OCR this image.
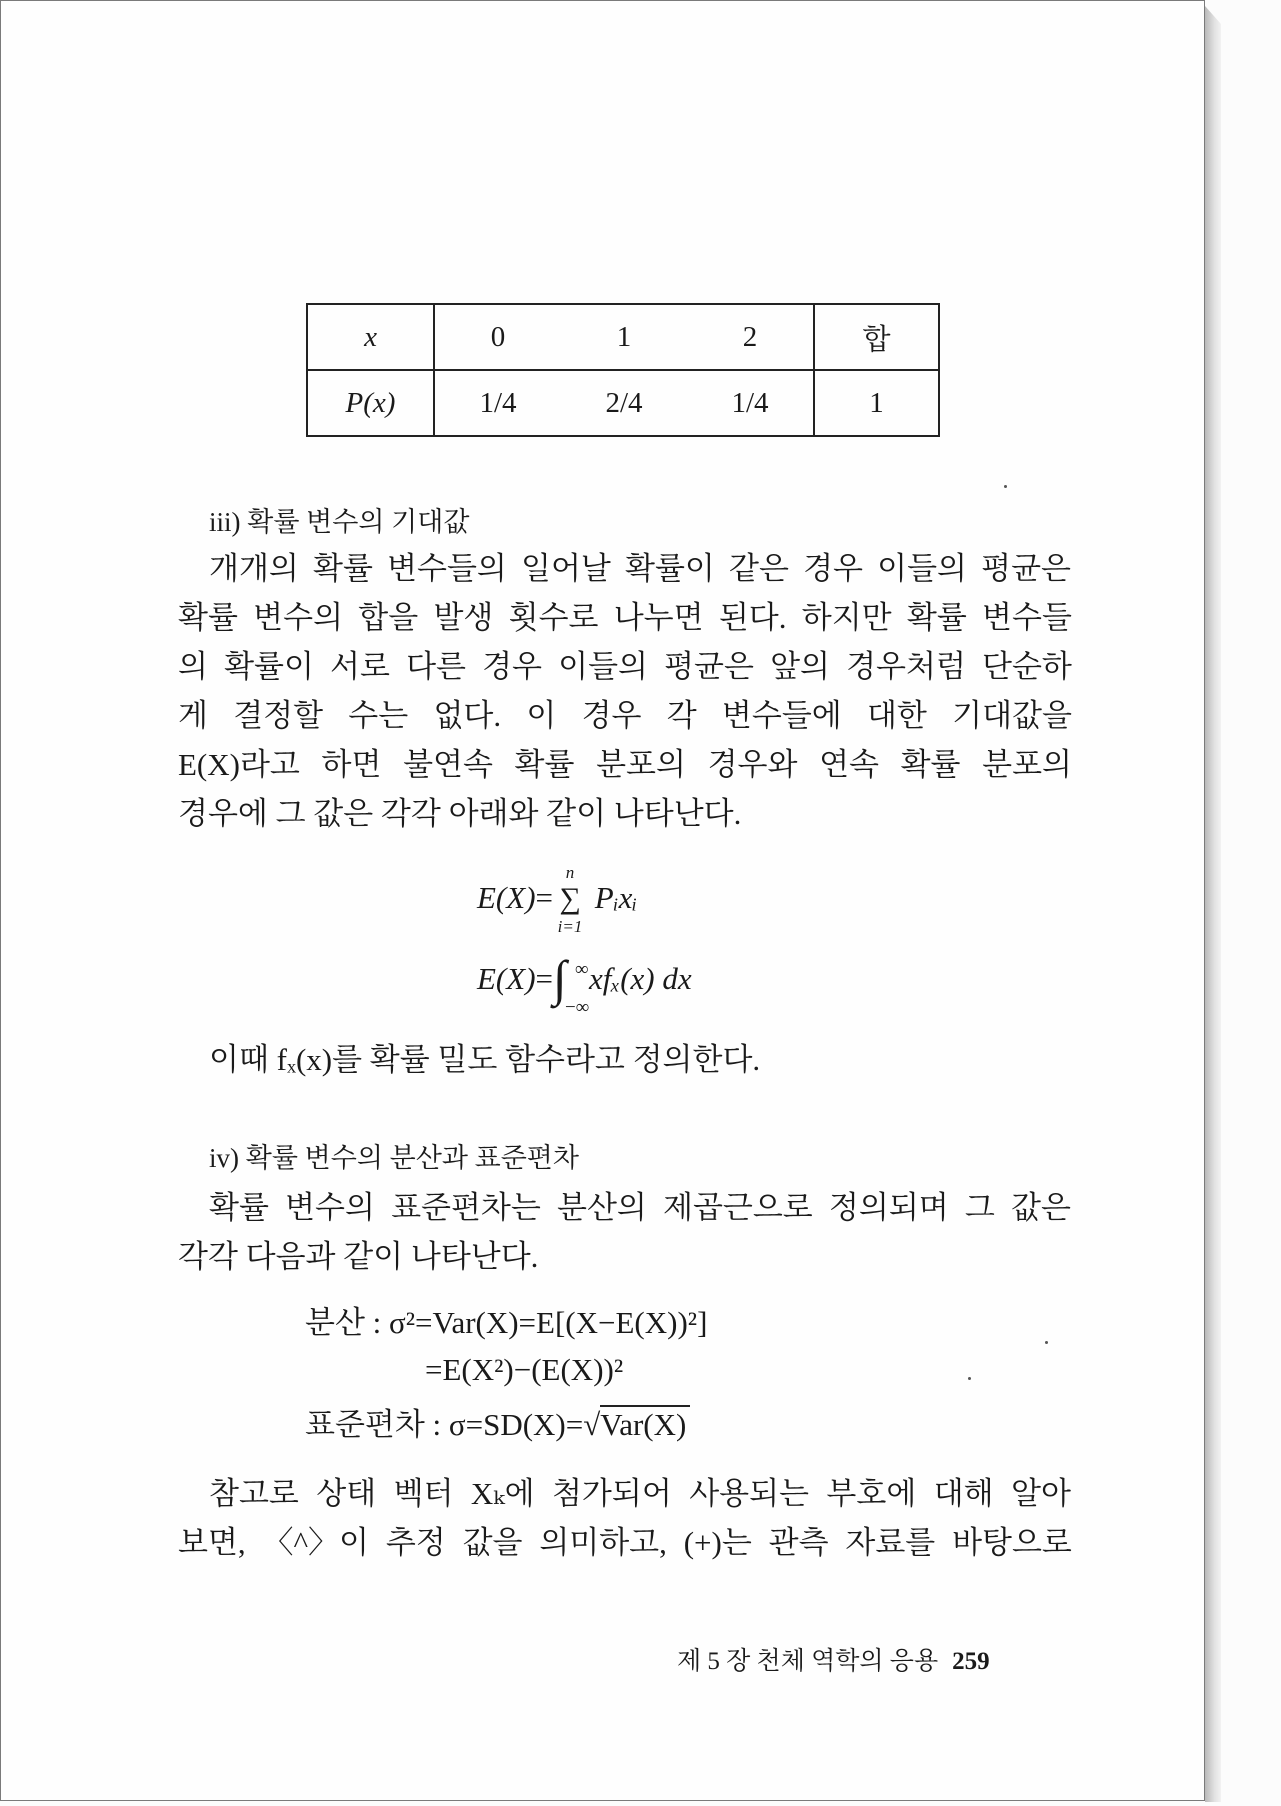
x	0	1	2	합
P(x)	1/4	2/4	1/4	1
iii) 확률 변수의 기대값
개개의 확률 변수들의 일어날 확률이 같은 경우 이들의 평균은
확률 변수의 합을 발생 횟수로 나누면 된다. 하지만 확률 변수들
의 확률이 서로 다른 경우 이들의 평균은 앞의 경우처럼 단순하
게 결정할 수는 없다. 이 경우 각 변수들에 대한 기대값을
E(X)라고 하면 불연속 확률 분포의 경우와 연속 확률 분포의
경우에 그 값은 각각 아래와 같이 나타난다.
E(X)= ∑
n
i=1
Pᵢxᵢ
E(X)=∫ ∞
−∞
xfₓ(x) dx
이때 fₓ(x)를 확률 밀도 함수라고 정의한다.
iv) 확률 변수의 분산과 표준편차
확률 변수의 표준편차는 분산의 제곱근으로 정의되며 그 값은
각각 다음과 같이 나타난다.
분산 : σ²=Var(X)=E[(X−E(X))²]
=E(X²)−(E(X))²
표준편차 : σ=SD(X)=√Var(X)
참고로 상태 벡터 Xₖ에 첨가되어 사용되는 부호에 대해 알아
보면, 〈^〉이 추정 값을 의미하고, (+)는 관측 자료를 바탕으로
제 5 장 천체 역학의 응용 259
